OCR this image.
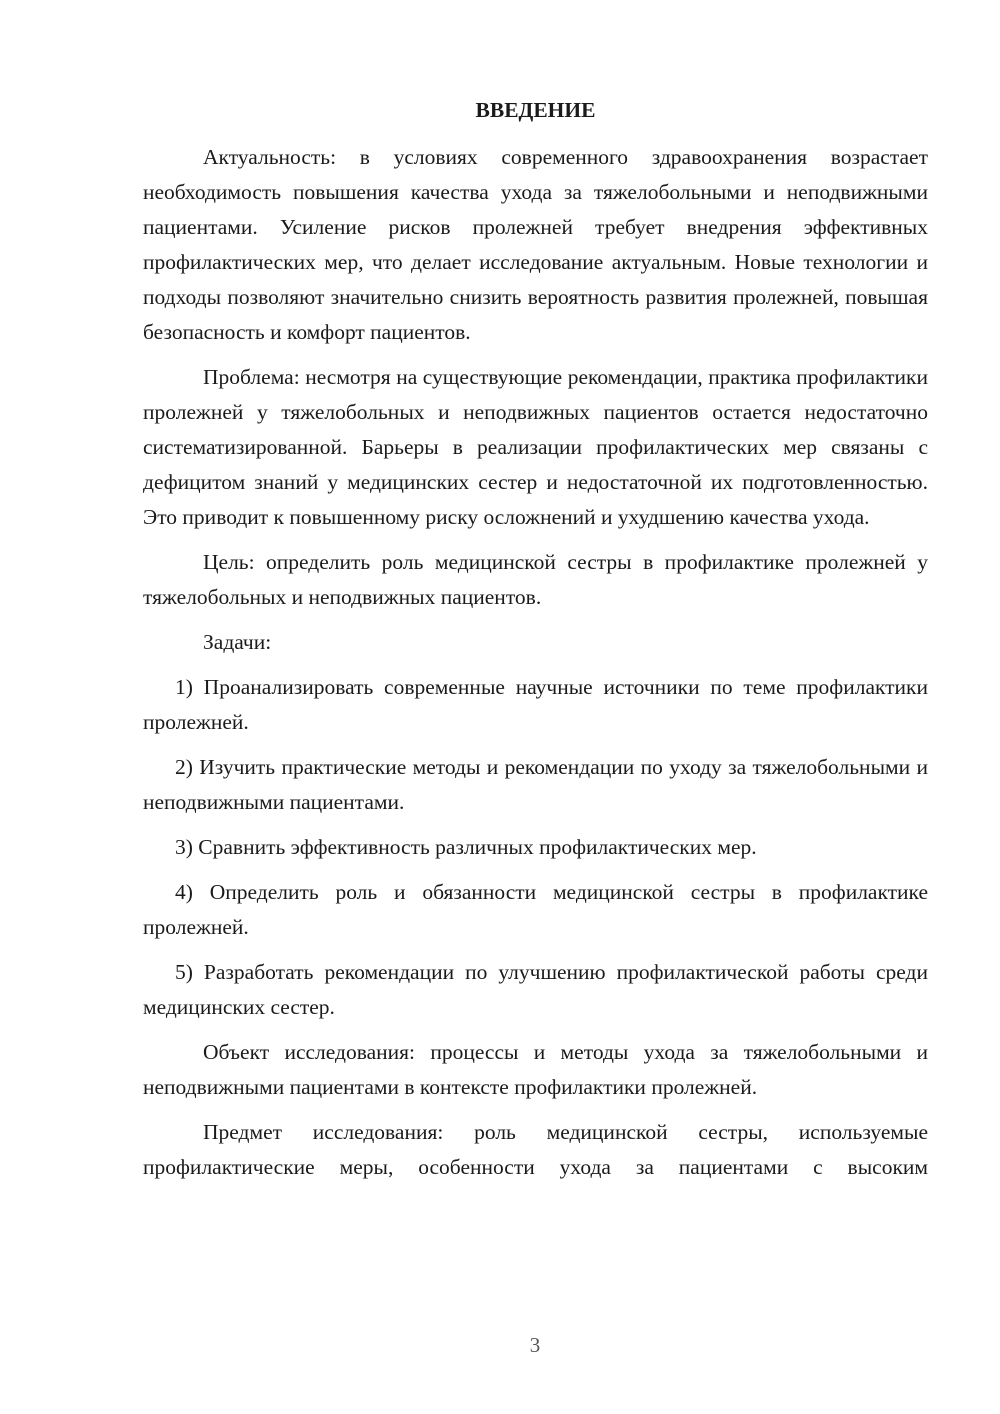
ВВЕДЕНИЕ

Актуальность: в условиях современного здравоохранения возрастает необходимость повышения качества ухода за тяжелобольными и неподвижными пациентами. Усиление рисков пролежней требует внедрения эффективных профилактических мер, что делает исследование актуальным. Новые технологии и подходы позволяют значительно снизить вероятность развития пролежней, повышая безопасность и комфорт пациентов.

Проблема: несмотря на существующие рекомендации, практика профилактики пролежней у тяжелобольных и неподвижных пациентов остается недостаточно систематизированной. Барьеры в реализации профилактических мер связаны с дефицитом знаний у медицинских сестер и недостаточной их подготовленностью. Это приводит к повышенному риску осложнений и ухудшению качества ухода.

Цель: определить роль медицинской сестры в профилактике пролежней у тяжелобольных и неподвижных пациентов.

Задачи:

1) Проанализировать современные научные источники по теме профилактики пролежней.

2) Изучить практические методы и рекомендации по уходу за тяжелобольными и неподвижными пациентами.

3) Сравнить эффективность различных профилактических мер.

4) Определить роль и обязанности медицинской сестры в профилактике пролежней.

5) Разработать рекомендации по улучшению профилактической работы среди медицинских сестер.

Объект исследования: процессы и методы ухода за тяжелобольными и неподвижными пациентами в контексте профилактики пролежней.

Предмет исследования: роль медицинской сестры, используемые профилактические меры, особенности ухода за пациентами с высоким

3
